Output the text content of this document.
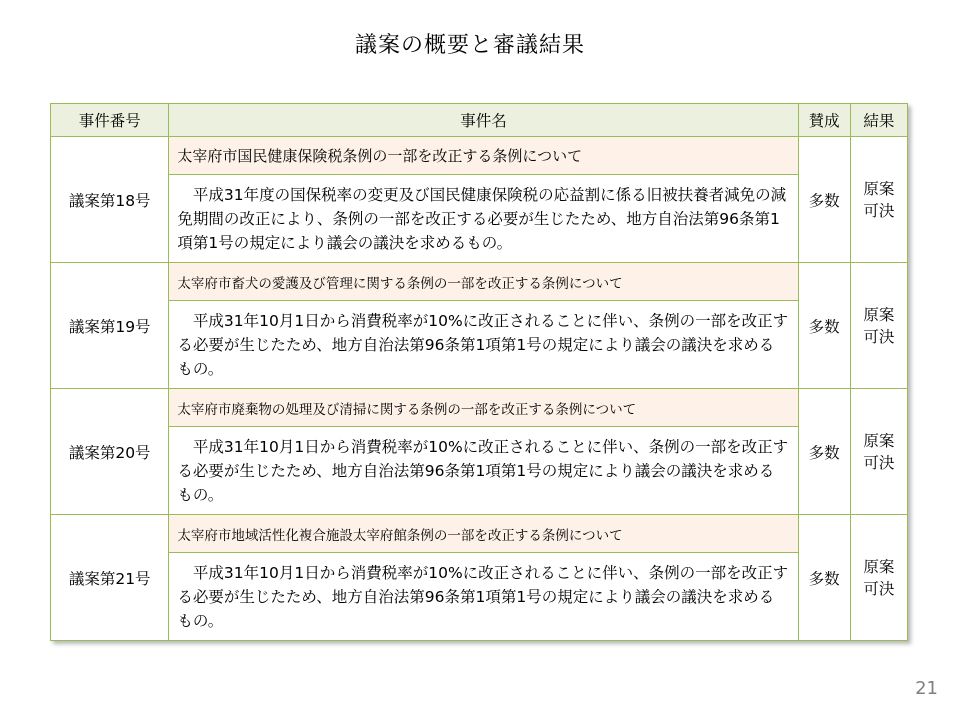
議案の概要と審議結果
事件番号	事件名	賛成	結果
議案第18号	太宰府市国民健康保険税条例の一部を改正する条例について	多数	原案
可決

	平成31年度の国保税率の変更及び国民健康保険税の応益割に係る旧被扶養者減免の減免期間の改正により、条例の一部を改正する必要が生じたため、地方自治法第96条第1項第1号の規定により議会の議決を求めるもの。		
議案第19号	太宰府市畜犬の愛護及び管理に関する条例の一部を改正する条例について	多数	原案
可決

	平成31年10月1日から消費税率が10%に改正されることに伴い、条例の一部を改正する必要が生じたため、地方自治法第96条第1項第1号の規定により議会の議決を求めるもの。		
議案第20号	太宰府市廃棄物の処理及び清掃に関する条例の一部を改正する条例について	多数	原案
可決

	平成31年10月1日から消費税率が10%に改正されることに伴い、条例の一部を改正する必要が生じたため、地方自治法第96条第1項第1号の規定により議会の議決を求めるもの。		
議案第21号	太宰府市地域活性化複合施設太宰府館条例の一部を改正する条例について	多数	原案
可決

	平成31年10月1日から消費税率が10%に改正されることに伴い、条例の一部を改正する必要が生じたため、地方自治法第96条第1項第1号の規定により議会の議決を求めるもの。		
21
